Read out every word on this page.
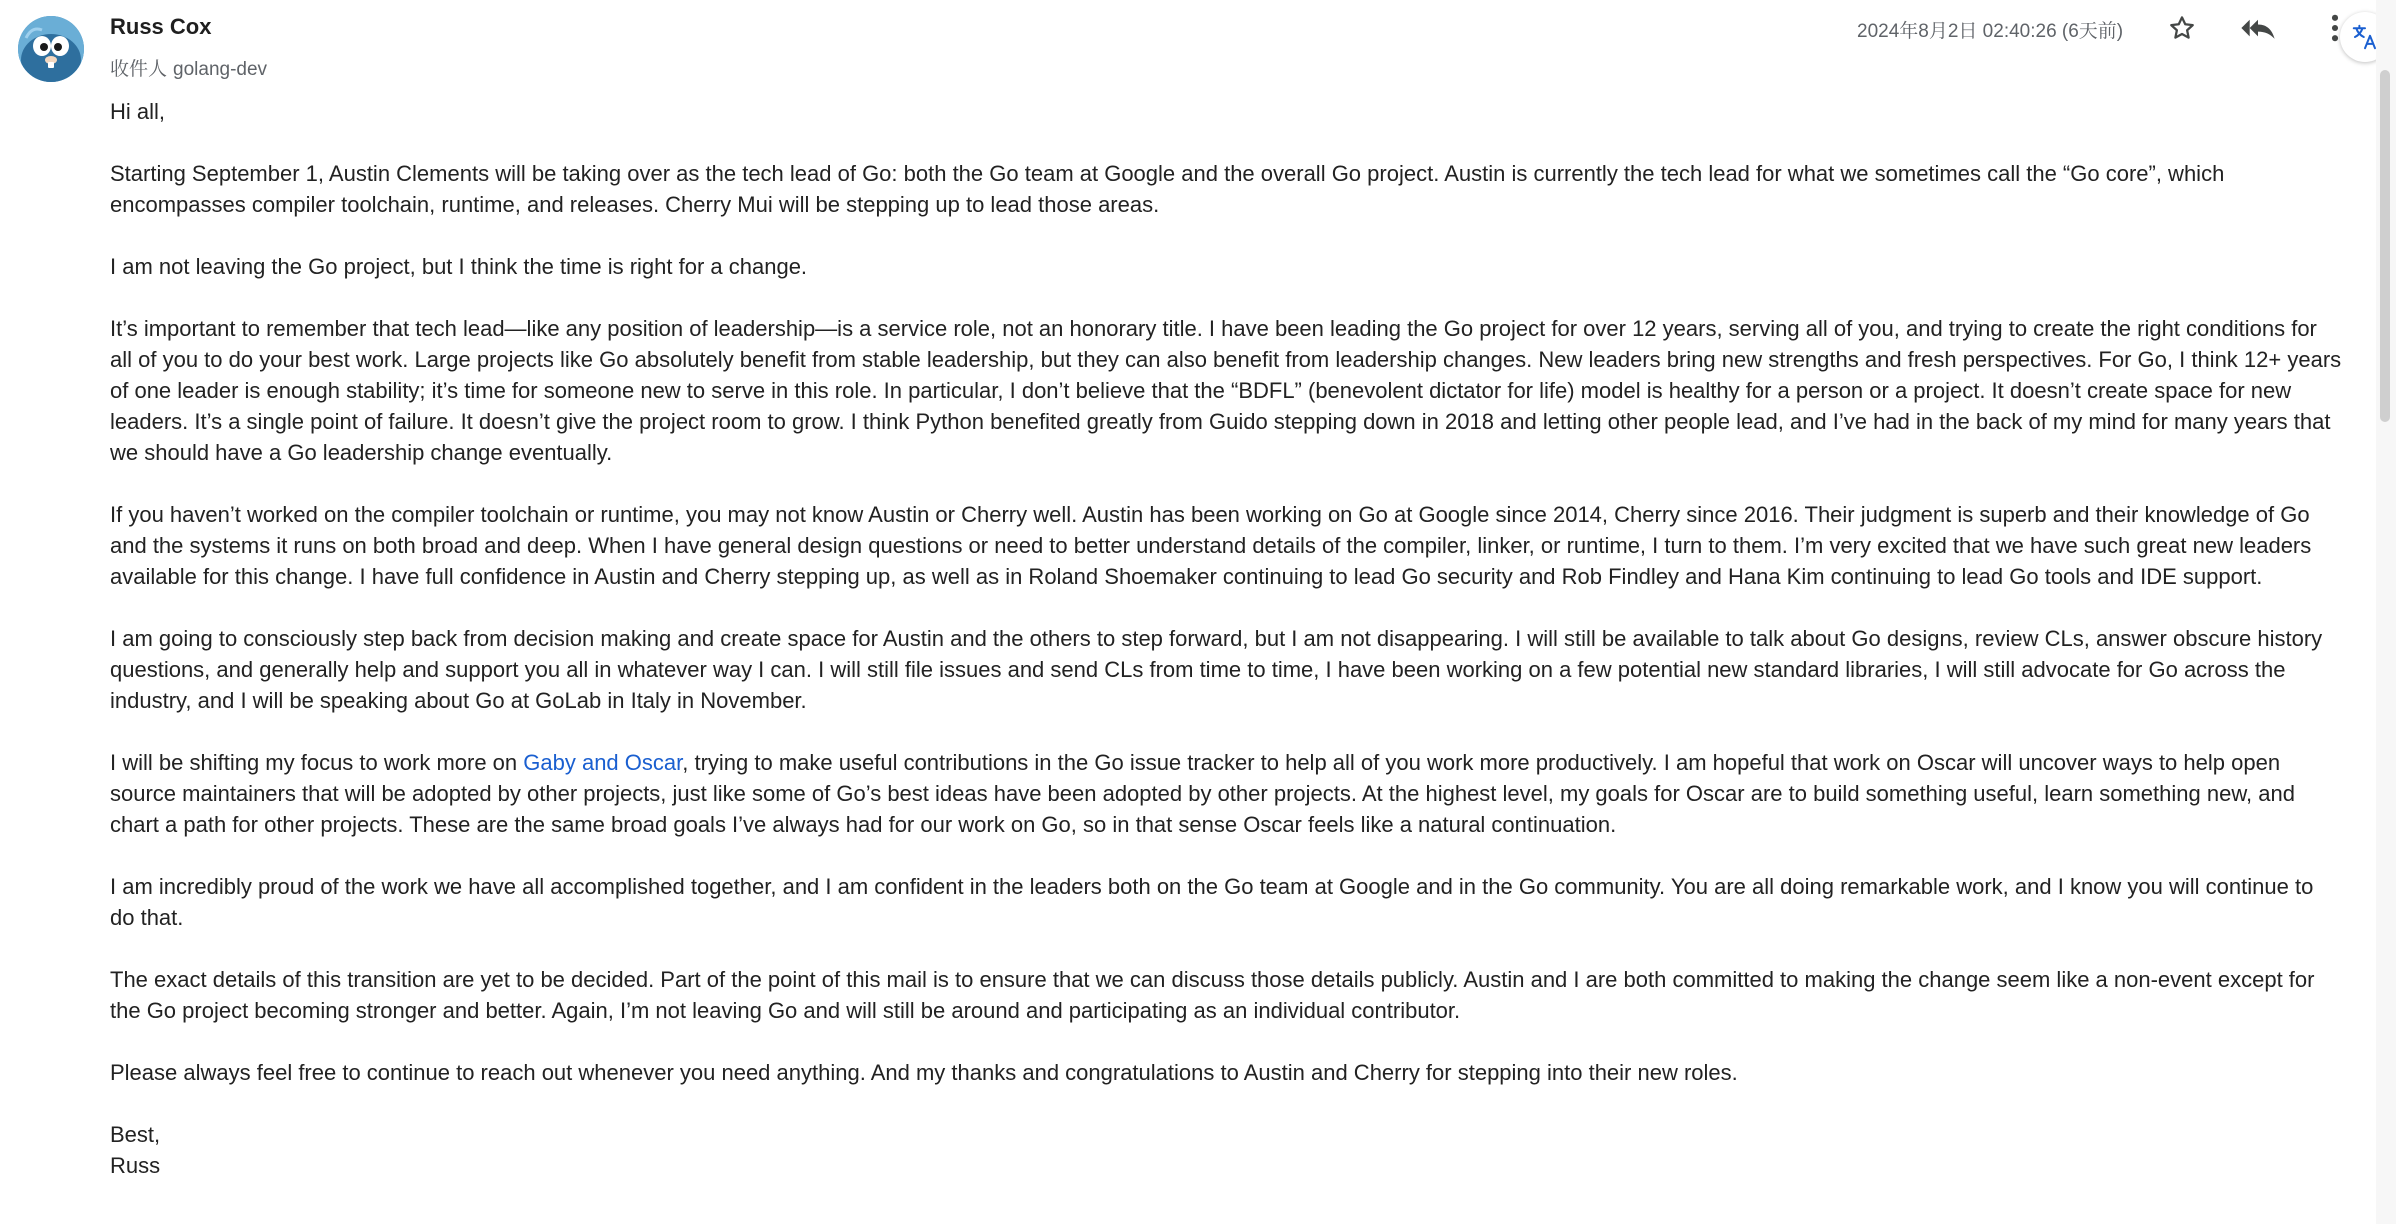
Russ Cox
收件人 golang-dev
2024年8月2日 02:40:26 (6天前)

Hi all,

Starting September 1, Austin Clements will be taking over as the tech lead of Go: both the Go team at Google and the overall Go project. Austin is currently the tech lead for what we sometimes call the “Go core”, which encompasses compiler toolchain, runtime, and releases. Cherry Mui will be stepping up to lead those areas.

I am not leaving the Go project, but I think the time is right for a change.

It’s important to remember that tech lead—like any position of leadership—is a service role, not an honorary title. I have been leading the Go project for over 12 years, serving all of you, and trying to create the right conditions for all of you to do your best work. Large projects like Go absolutely benefit from stable leadership, but they can also benefit from leadership changes. New leaders bring new strengths and fresh perspectives. For Go, I think 12+ years of one leader is enough stability; it’s time for someone new to serve in this role. In particular, I don’t believe that the “BDFL” (benevolent dictator for life) model is healthy for a person or a project. It doesn’t create space for new leaders. It’s a single point of failure. It doesn’t give the project room to grow. I think Python benefited greatly from Guido stepping down in 2018 and letting other people lead, and I’ve had in the back of my mind for many years that we should have a Go leadership change eventually.

If you haven’t worked on the compiler toolchain or runtime, you may not know Austin or Cherry well. Austin has been working on Go at Google since 2014, Cherry since 2016. Their judgment is superb and their knowledge of Go and the systems it runs on both broad and deep. When I have general design questions or need to better understand details of the compiler, linker, or runtime, I turn to them. I’m very excited that we have such great new leaders available for this change. I have full confidence in Austin and Cherry stepping up, as well as in Roland Shoemaker continuing to lead Go security and Rob Findley and Hana Kim continuing to lead Go tools and IDE support.

I am going to consciously step back from decision making and create space for Austin and the others to step forward, but I am not disappearing. I will still be available to talk about Go designs, review CLs, answer obscure history questions, and generally help and support you all in whatever way I can. I will still file issues and send CLs from time to time, I have been working on a few potential new standard libraries, I will still advocate for Go across the industry, and I will be speaking about Go at GoLab in Italy in November.

I will be shifting my focus to work more on Gaby and Oscar, trying to make useful contributions in the Go issue tracker to help all of you work more productively. I am hopeful that work on Oscar will uncover ways to help open source maintainers that will be adopted by other projects, just like some of Go’s best ideas have been adopted by other projects. At the highest level, my goals for Oscar are to build something useful, learn something new, and chart a path for other projects. These are the same broad goals I’ve always had for our work on Go, so in that sense Oscar feels like a natural continuation.

I am incredibly proud of the work we have all accomplished together, and I am confident in the leaders both on the Go team at Google and in the Go community. You are all doing remarkable work, and I know you will continue to do that.

The exact details of this transition are yet to be decided. Part of the point of this mail is to ensure that we can discuss those details publicly. Austin and I are both committed to making the change seem like a non-event except for the Go project becoming stronger and better. Again, I’m not leaving Go and will still be around and participating as an individual contributor.

Please always feel free to continue to reach out whenever you need anything. And my thanks and congratulations to Austin and Cherry for stepping into their new roles.

Best,

Russ
